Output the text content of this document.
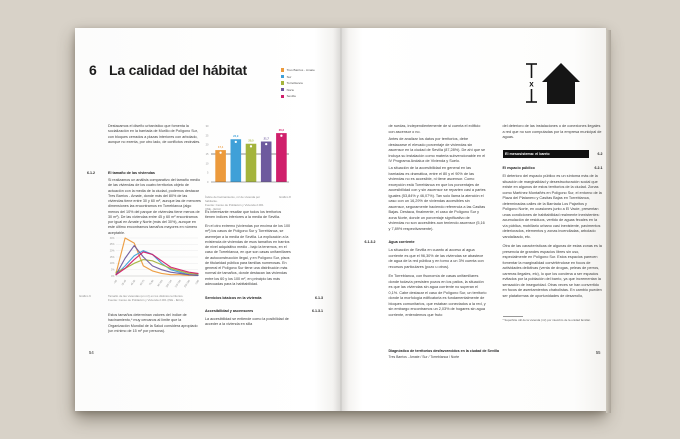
6 La calidad del hábitat	Tres Barrios - Amate
Sur
Torreblanca
Norte
Sevilla
Destacamos el diseño urbanístico que fomenta la socialización en la barriada de Murillo de Polígono Sur, con bloques cerrados a plazas interiores con arbolado, aunque no exenta, por otro lado, de conflictos vecinales.
6.1.2	El tamaño de las viviendas
Si realizamos un análisis comparativo del tamaño medio de las viviendas de los cuatro territorios objeto de actuación con la media de la ciudad, podemos destacar Tres Barrios - Amate, donde más del 80% de las viviendas tiene entre 30 y 60 m², aunque las de menores dimensiones las encontramos en Torreblanca (algo menos del 10% del parque de viviendas tiene menos de 30 m²). De las viviendas entre 45 y 60 m² encontramos por igual en Amate y Norte (más del 30%), aunque en este último encontramos tamaños mayores en número aceptable.
0%
5%
10%
15%
20%
25%
30%
<30 30-45 45-60 60-75 75-90 90-105 105-120 120-150 150-180 >180
Gráfico 9	Tamaño de las viviendas (en m²) en los distintos territorios.
Fuente: Censo de Población y Vivienda 2.001 (INE - IECA)
Estos tamaños determinan valores del índice de hacinamiento,* muy cercanos al límite que la Organización Mundial de la Salud considera apropiado (un mínimo de 15 m² por persona).
0
5
10
15
20
25
30
17,1
22,9
20,5
21,7
26,2
Índice de hacinamiento, m² de vivienda por habitante.
Fuente: Censo de Población y Vivienda 2.001 (INE - IECA)
Gráfico 8
Es interesante resaltar que todos los territorios tienen índices inferiores a la media de Sevilla.
En el otro extremo (viviendas por encima de los 100 m²) los casos de Polígono Sur y Torreblanca, se asemejan a la media de Sevilla. La explicación a la existencia de viviendas de esos tamaños en barrios de nivel adquisitivo medio - bajo la tenemos, en el caso de Torreblanca, en que son casas unifamiliares de autoconstrucción ilegal, y en Polígono Sur, pisos de titularidad pública para familias numerosas. En general el Polígono Sur tiene una distribución más normal de tamaños, donde destacan las viviendas entre los 60 y los 100 m², en principio las más adecuadas para la habitabilidad.
Servicios básicos en la vivienda	6.1.3
Accesibilidad y ascensores	6.1.3.1
La accesibilidad se entiende como la posibilidad de acceder a la vivienda en silla
54
x
de ruedas, independientemente de si cuenta el edificio con ascensor o no.
Antes de analizar los datos por territorios, debe destacarse el elevado porcentaje de viviendas sin ascensor en la ciudad de Sevilla (87,28%). De ahí que se incluya su instalación como materia subvencionable en el IV Programa Andaluz de Vivienda y Suelo.
La situación de la accesibilidad en general en las barriadas es dramática, entre el 80 y el 90% de las viviendas no es accesible, ni tiene ascensor. Como excepción está Torreblanca en que los porcentajes de accesibilidad con y sin ascensor se reparten casi a partes iguales (53,84% y 46,07%). Tan solo llama la atención el caso con un 16,29% de viviendas accesibles sin ascensor, seguramente haciendo referencia a las Casitas Bajas. Destaca, finalmente, el caso de Polígono Sur y zona Norte, donde un porcentaje significativo de viviendas no son accesibles aun teniendo ascensor (5,16 y 7,89% respectivamente).
6.1.3.2	Agua corriente
La situación de Sevilla en cuanto al acceso al agua corriente es que el 96,30% de las viviendas se abastece de agua de la red pública y en torno a un 3% cuenta con recursos particulares (pozo u otros).
En Torreblanca, con fisonomía de casas unifamiliares donde todavía persisten pozos en los patios, la situación es que las viviendas sin agua corriente no superan el 0,1%. Cabe destacar el caso de Polígono Sur, un territorio donde la morfología edificatoria es fundamentalmente de bloques comunitarios, que estaban conectados a la red, y sin embargo encontramos un 2,03% de hogares sin agua corriente, entendemos que fruto
del deterioro de las instalaciones o de conexiones ilegales a red que no son computadas por la empresa municipal de aguas.
El mesosistema: el barrio	6.2
El espacio público	6.2.1
El deterioro del espacio público es un síntoma más de la situación de marginalidad y desestructuración social que existe en algunos de estos territorios de la ciudad. Zonas como Martínez Montañés en Polígono Sur, el entorno de la Plaza del Platanero y Casitas Bajas en Torreblanca, determinadas calles de la Barriada Los Pajaritos y Polígono Norte, en ocasiones junto a El Vacie, presentan unas condiciones de habitabilidad realmente inexistentes: acumulación de residuos, vertido de aguas fecales en la vía pública, mobiliario urbano casi inexistente, pavimentos deteriorados, elementos y zonas incendiadas, arbolado vandalizado, etc.
Otra de las características de algunas de estas zonas es la presencia de grandes espacios libres sin uso, especialmente en Polígono Sur. Estos espacios parecen fomentar la marginalidad convirtiéndose en focos de actividades delictivas (venta de drogas, peleas de perros, carreras ilegales, etc), lo que los condena a ser espacios evitados por la población del barrio, ya que incrementan la sensación de inseguridad. Otras veces se han convertido en focos de asentamientos chabolistas. En cambio pueden ser plataformas de oportunidades de desarrollo,
* Superficie útil de la vivienda (m²) por miembro de la unidad familiar.
Diagnóstico de territorios desfavorecidos en la ciudad de Sevilla
Tres Barrios - Amate / Sur / Torreblanca / Norte
55
